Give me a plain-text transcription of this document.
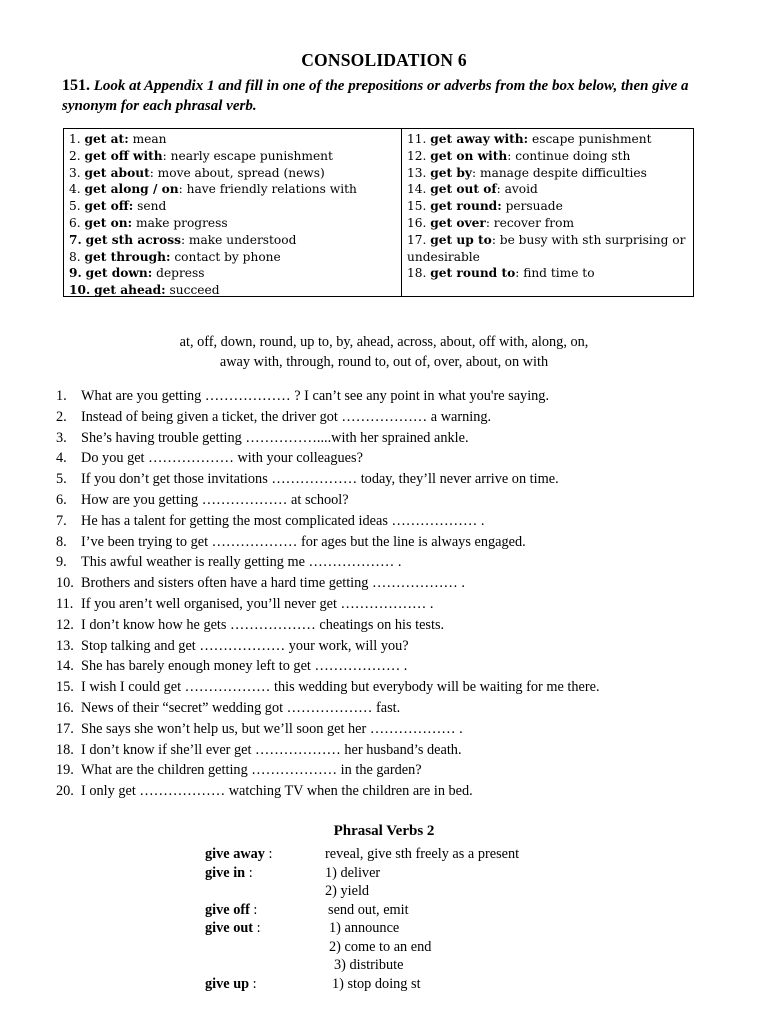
CONSOLIDATION 6
151. Look at Appendix 1 and fill in one of the prepositions or adverbs from the box below, then give a synonym for each phrasal verb.
1. get at: mean
2. get off with: nearly escape punishment
3. get about: move about, spread (news)
4. get along / on: have friendly relations with
5. get off: send
6. get on: make progress
7. get sth across: make understood
8. get through: contact by phone
9. get down: depress
10. get ahead: succeed
11. get away with: escape punishment
12. get on with: continue doing sth
13. get by: manage despite difficulties
14. get out of: avoid
15. get round: persuade
16. get over: recover from
17. get up to: be busy with sth surprising or
undesirable
18. get round to: find time to
at, off, down, round, up to, by, ahead, across, about, off with, along, on,
away with, through, round to, out of, over, about, on with
1. What are you getting ……………… ? I can’t see any point in what you're saying.
2. Instead of being given a ticket, the driver got ……………… a warning.
3. She’s having trouble getting ……………....with her sprained ankle.
4. Do you get ……………… with your colleagues?
5. If you don’t get those invitations ……………… today, they’ll never arrive on time.
6. How are you getting ……………… at school?
7. He has a talent for getting the most complicated ideas ……………… .
8. I’ve been trying to get ……………… for ages but the line is always engaged.
9. This awful weather is really getting me ……………… .
10. Brothers and sisters often have a hard time getting ……………… .
11. If you aren’t well organised, you’ll never get ……………… .
12. I don’t know how he gets ……………… cheatings on his tests.
13. Stop talking and get ……………… your work, will you?
14. She has barely enough money left to get ……………… .
15. I wish I could get ……………… this wedding but everybody will be waiting for me there.
16. News of their “secret” wedding got ……………… fast.
17. She says she won’t help us, but we’ll soon get her ……………… .
18. I don’t know if she’ll ever get ……………… her husband’s death.
19. What are the children getting ……………… in the garden?
20. I only get ……………… watching TV when the children are in bed.
Phrasal Verbs 2
give away :	reveal, give sth freely as a present
give in :	1) deliver
2) yield
give off :	send out, emit
give out :	1) announce
2) come to an end
3) distribute
give up :	1) stop doing st
